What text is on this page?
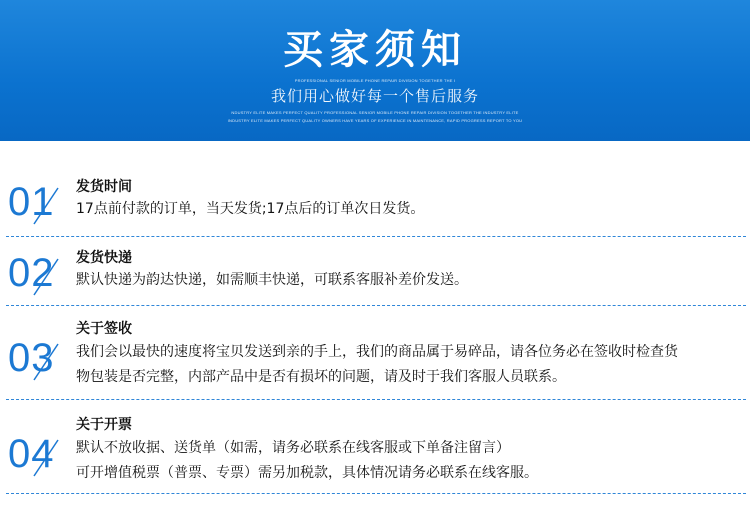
PROFESSIONAL SENIOR MOBILE PHONE REPAIR DIVISION TOGETHER THE I
买家须知
我们用心做好每一个售后服务
NDUSTRY ELITE MAKES PERFECT QUALITY PROFESSIONAL SENIOR MOBILE PHONE REPAIR DIVISION TOGETHER THE INDUSTRY ELITE
INDUSTRY ELITE MAKES PERFECT QUALITY OWNERS HAVE YEARS OF EXPERIENCE IN MAINTENANCE, RAPID PROGRESS REPORT TO YOU
01 发货时间
17点前付款的订单，当天发货;17点后的订单次日发货。
02 发货快递
默认快递为韵达快递，如需顺丰快递，可联系客服补差价发送。
03
关于签收
我们会以最快的速度将宝贝发送到亲的手上，我们的商品属于易碎品，请各位务必在签收时检查货
物包装是否完整，内部产品中是否有损坏的问题，请及时于我们客服人员联系。
04
关于开票
默认不放收据、送货单（如需，请务必联系在线客服或下单备注留言）
可开增值税票（普票、专票）需另加税款，具体情况请务必联系在线客服。
